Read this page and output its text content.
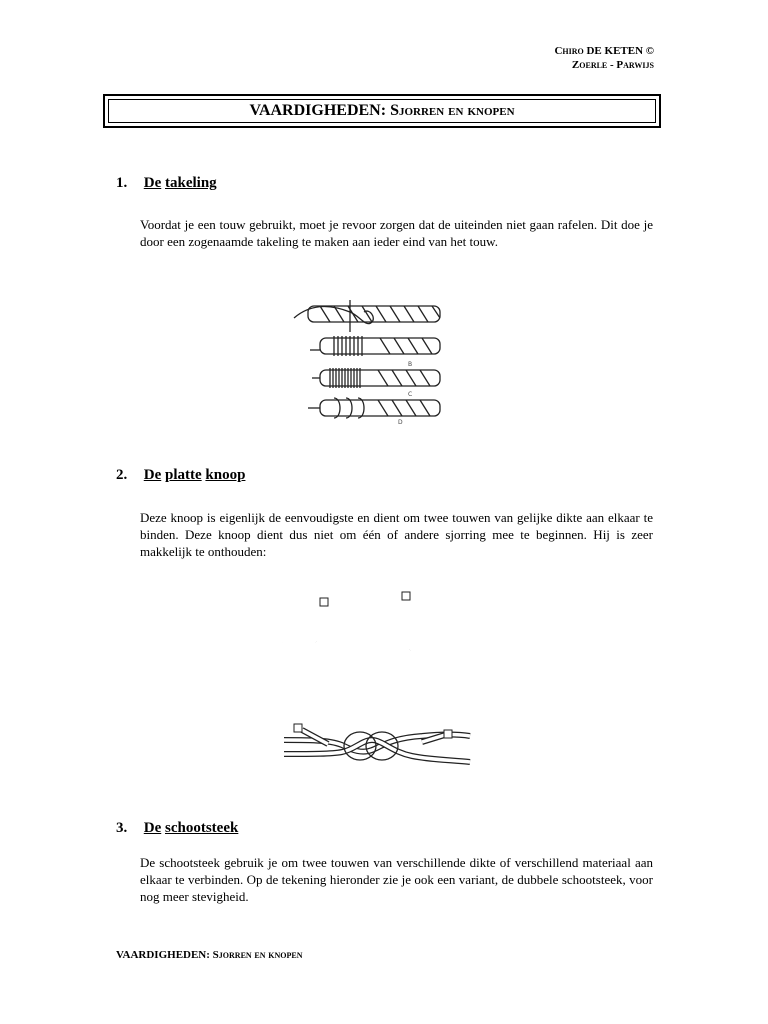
Chiro DE KETEN ©
Zoerle - Parwijs
VAARDIGHEDEN: Sjorren en knopen
1. De takeling
Voordat je een touw gebruikt, moet je revoor zorgen dat de uiteinden niet gaan rafelen. Dit doe je door een zogenaamde takeling te maken aan ieder eind van het touw.
B
C
D
2. De platte knoop
Deze knoop is eigenlijk de eenvoudigste en dient om twee touwen van gelijke dikte aan elkaar te binden. Deze knoop dient dus niet om één of andere sjorring mee te beginnen. Hij is zeer makkelijk te onthouden:
3. De schootsteek
De schootsteek gebruik je om twee touwen van verschillende dikte of verschillend materiaal aan elkaar te verbinden. Op de tekening hieronder zie je ook een variant, de dubbele schootsteek, voor nog meer stevigheid.
VAARDIGHEDEN: Sjorren en knopen
